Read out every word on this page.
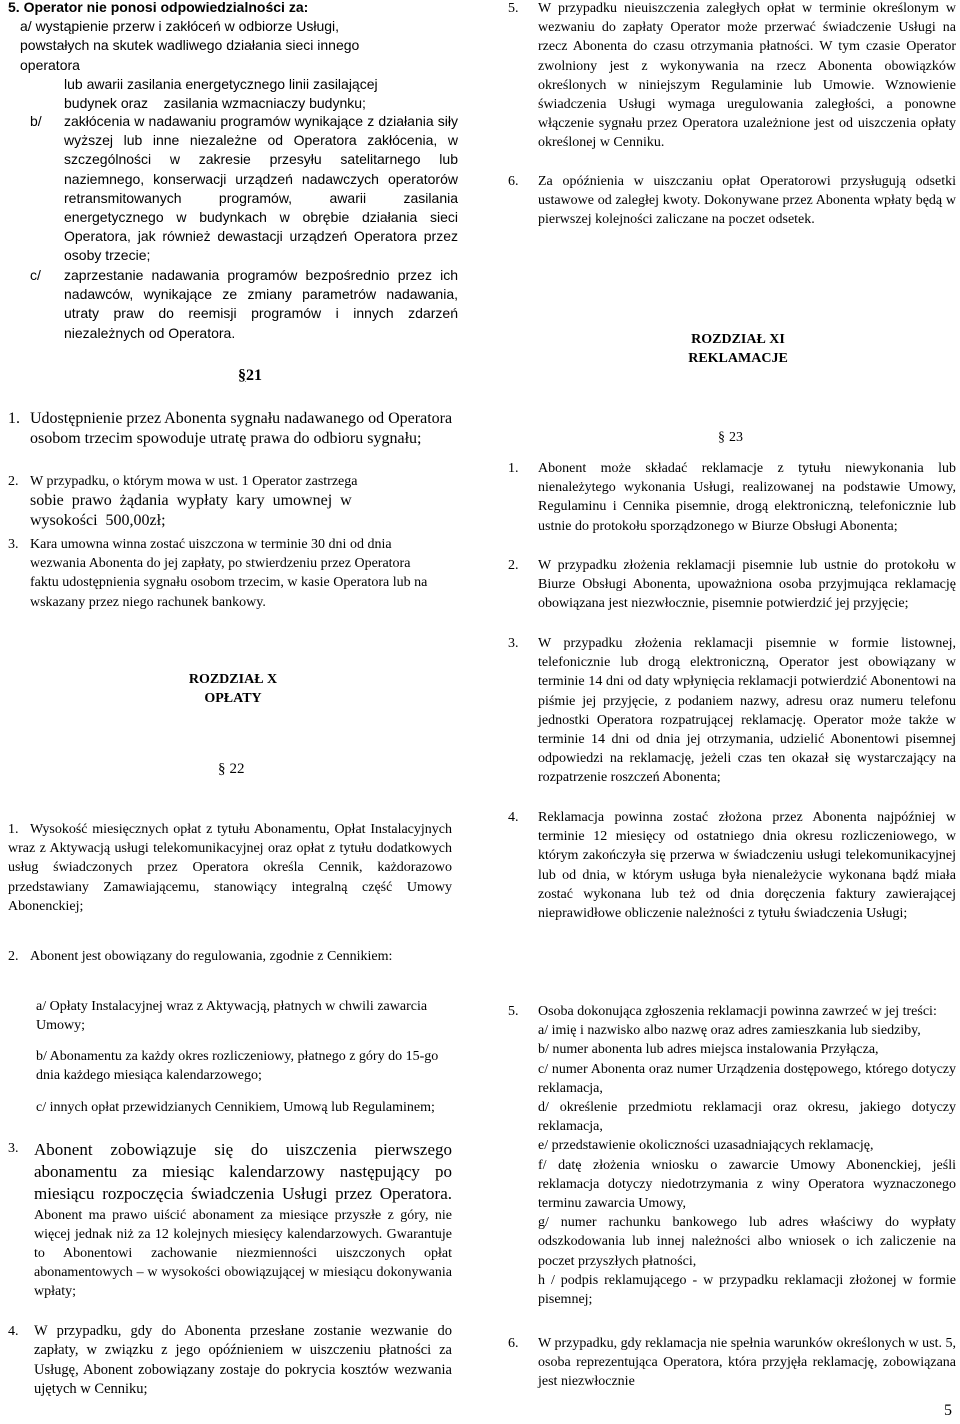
5. Operator nie ponosi odpowiedzialności za:
a/ wystąpienie przerw i zakłóceń w odbiorze Usługi,
powstałych na skutek wadliwego działania sieci innego
operatora
lub awarii zasilania energetycznego linii zasilającej
budynek oraz    zasilania wzmacniaczy budynku;
b/	zakłócenia w nadawaniu programów wynikające z działania siły wyższej lub inne niezależne od Operatora zakłócenia, w szczególności w zakresie przesyłu satelitarnego lub naziemnego, konserwacji urządzeń nadawczych operatorów retransmitowanych programów, awarii zasilania energetycznego w budynkach w obrębie działania sieci Operatora, jak również dewastacji urządzeń Operatora przez osoby trzecie;
c/	zaprzestanie nadawania programów bezpośrednio przez ich nadawców, wynikające ze zmiany parametrów nadawania, utraty praw do reemisji programów i innych zdarzeń niezależnych od Operatora.
§21
1. Udostępnienie przez Abonenta sygnału nadawanego od Operatora osobom trzecim spowoduje utratę prawa do odbioru sygnału;
2. W przypadku, o którym mowa w ust. 1 Operator zastrzega
sobie prawo żądania wypłaty kary umownej w wysokości 500,00zł;
3. Kara umowna winna zostać uiszczona w terminie 30 dni od dnia wezwania Abonenta do jej zapłaty, po stwierdzeniu przez Operatora faktu udostępnienia sygnału osobom trzecim, w kasie Operatora lub na wskazany przez niego rachunek bankowy.
ROZDZIAŁ X
OPŁATY
§ 22
1. Wysokość miesięcznych opłat z tytułu Abonamentu, Opłat Instalacyjnych wraz z Aktywacją usługi telekomunikacyjnej oraz opłat z tytułu dodatkowych usług świadczonych przez Operatora określa Cennik, każdorazowo przedstawiany Zamawiającemu, stanowiący integralną część Umowy Abonenckiej;
2. Abonent jest obowiązany do regulowania, zgodnie z Cennikiem:
a/ Opłaty Instalacyjnej wraz z Aktywacją, płatnych w chwili zawarcia Umowy;
b/ Abonamentu za każdy okres rozliczeniowy, płatnego z góry do 15-go dnia każdego miesiąca kalendarzowego;
c/ innych opłat przewidzianych Cennikiem, Umową lub Regulaminem;
3. Abonent zobowiązuje się do uiszczenia pierwszego abonamentu za miesiąc kalendarzowy następujący po miesiącu rozpoczęcia świadczenia Usługi przez Operatora. Abonent ma prawo uiścić abonament za miesiące przyszłe z góry, nie więcej jednak niż za 12 kolejnych miesięcy kalendarzowych. Gwarantuje to Abonentowi zachowanie niezmienności uiszczonych opłat abonamentowych – w wysokości obowiązującej w miesiącu dokonywania wpłaty;
4.	W przypadku, gdy do Abonenta przesłane zostanie wezwanie do zapłaty, w związku z jego opóźnieniem w uiszczeniu płatności za Usługę, Abonent zobowiązany zostaje do pokrycia kosztów wezwania ujętych w Cenniku;
5.	W przypadku nieuiszczenia zaległych opłat w terminie określonym w wezwaniu do zapłaty Operator może przerwać świadczenie Usługi na rzecz Abonenta do czasu otrzymania płatności. W tym czasie Operator zwolniony jest z wykonywania na rzecz Abonenta obowiązków określonych w niniejszym Regulaminie lub Umowie. Wznowienie świadczenia Usługi wymaga uregulowania zaległości, a ponowne włączenie sygnału przez Operatora uzależnione jest od uiszczenia opłaty określonej w Cenniku.
6.	Za opóźnienia w uiszczaniu opłat Operatorowi przysługują odsetki ustawowe od zaległej kwoty. Dokonywane przez Abonenta wpłaty będą w pierwszej kolejności zaliczane na poczet odsetek.
ROZDZIAŁ XI
REKLAMACJE
§ 23
1.	Abonent może składać reklamacje z tytułu niewykonania lub nienależytego wykonania Usługi, realizowanej na podstawie Umowy, Regulaminu i Cennika pisemnie, drogą elektroniczną, telefonicznie lub ustnie do protokołu sporządzonego w Biurze Obsługi Abonenta;
2.	W przypadku złożenia reklamacji pisemnie lub ustnie do protokołu w Biurze Obsługi Abonenta, upoważniona osoba przyjmująca reklamację obowiązana jest niezwłocznie, pisemnie potwierdzić jej przyjęcie;
3.	W przypadku złożenia reklamacji pisemnie w formie listownej, telefonicznie lub drogą elektroniczną, Operator jest obowiązany w terminie 14 dni od daty wpłynięcia reklamacji potwierdzić Abonentowi na piśmie jej przyjęcie, z podaniem nazwy, adresu oraz numeru telefonu jednostki Operatora rozpatrującej reklamację. Operator może także w terminie 14 dni od dnia jej otrzymania, udzielić Abonentowi pisemnej odpowiedzi na reklamację, jeżeli czas ten okazał się wystarczający na rozpatrzenie roszczeń Abonenta;
4.	Reklamacja powinna zostać złożona przez Abonenta najpóźniej w terminie 12 miesięcy od ostatniego dnia okresu rozliczeniowego, w którym zakończyła się przerwa w świadczeniu usługi telekomunikacyjnej lub od dnia, w którym usługa była nienależycie wykonana bądź miała zostać wykonana lub też od dnia doręczenia faktury zawierającej nieprawidłowe obliczenie należności z tytułu świadczenia Usługi;
5.	Osoba dokonująca zgłoszenia reklamacji powinna zawrzeć w jej treści:
a/ imię i nazwisko albo nazwę oraz adres zamieszkania lub siedziby,
b/ numer abonenta lub adres miejsca instalowania Przyłącza,
c/ numer Abonenta oraz numer Urządzenia dostępowego, którego dotyczy reklamacja,
d/ określenie przedmiotu reklamacji oraz okresu, jakiego dotyczy reklamacja,
e/ przedstawienie okoliczności uzasadniających reklamację,
f/ datę złożenia wniosku o zawarcie Umowy Abonenckiej, jeśli reklamacja dotyczy niedotrzymania z winy Operatora wyznaczonego terminu zawarcia Umowy,
g/ numer rachunku bankowego lub adres właściwy do wypłaty odszkodowania lub innej należności albo wniosek o ich zaliczenie na poczet przyszłych płatności,
h / podpis reklamującego - w przypadku reklamacji złożonej w formie pisemnej;
6.	W przypadku, gdy reklamacja nie spełnia warunków określonych w ust. 5, osoba reprezentująca Operatora, która przyjęła reklamację, zobowiązana jest niezwłocznie
5
